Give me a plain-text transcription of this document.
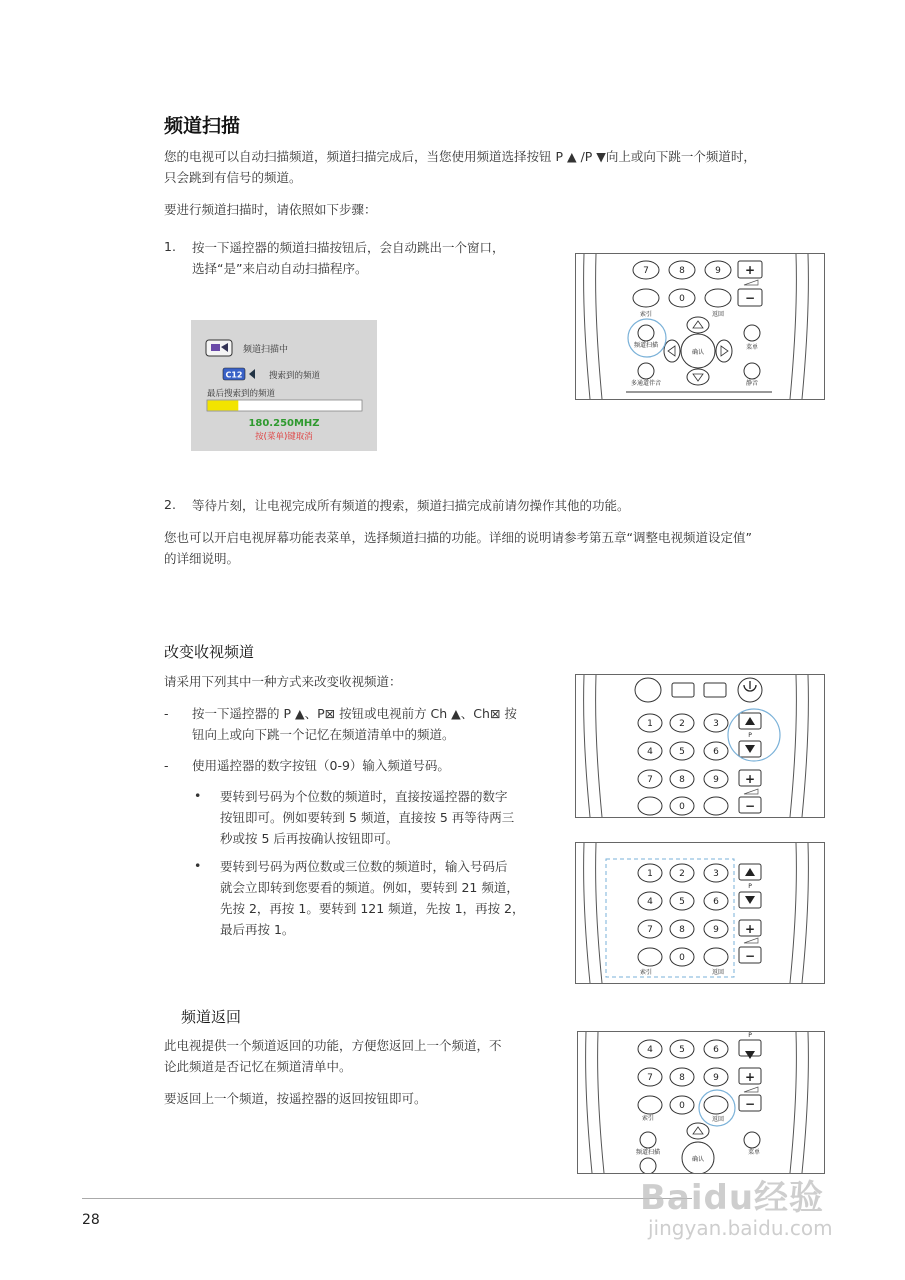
频道扫描
您的电视可以自动扫描频道，频道扫描完成后，当您使用频道选择按钮 P ▲ /P ▼向上或向下跳一个频道时，
只会跳到有信号的频道。
要进行频道扫描时，请依照如下步骤：
1. 按一下遥控器的频道扫描按钮后，会自动跳出一个窗口，
选择“是”来启动自动扫描程序。
频道扫描中
C12	搜索到的频道
最后搜索到的频道
180.250MHZ
按(菜单)键取消
7	8	9
0
+
−
索引	返回
频道扫描	菜单
确认
多通道伴音	静音
2. 等待片刻，让电视完成所有频道的搜索，频道扫描完成前请勿操作其他的功能。
您也可以开启电视屏幕功能表菜单，选择频道扫描的功能。详细的说明请参考第五章“调整电视频道设定值”
的详细说明。
改变收视频道
请采用下列其中一种方式来改变收视频道：
- 按一下遥控器的 P ▲、P⊠ 按钮或电视前方 Ch ▲、Ch⊠ 按
钮向上或向下跳一个记忆在频道清单中的频道。
- 使用遥控器的数字按钮（0-9）输入频道号码。
• 要转到号码为个位数的频道时，直接按遥控器的数字
按钮即可。例如要转到 5 频道，直接按 5 再等待两三
秒或按 5 后再按确认按钮即可。
• 要转到号码为两位数或三位数的频道时，输入号码后
就会立即转到您要看的频道。例如，要转到 21 频道，
先按 2，再按 1。要转到 121 频道，先按 1，再按 2，
最后再按 1。
1	2	3
4	5	6
7	8	9
0
P
+
−
1	2	3
4	5	6
7	8	9
0
P
+
−
索引	返回
频道返回
此电视提供一个频道返回的功能，方便您返回上一个频道，不
论此频道是否记忆在频道清单中。
要返回上一个频道，按遥控器的返回按钮即可。
P
4	5	6
7	8	9
0
+
−
索引	返回
频道扫描
确认
菜单
28
Baidu经验
jingyan.baidu.com
